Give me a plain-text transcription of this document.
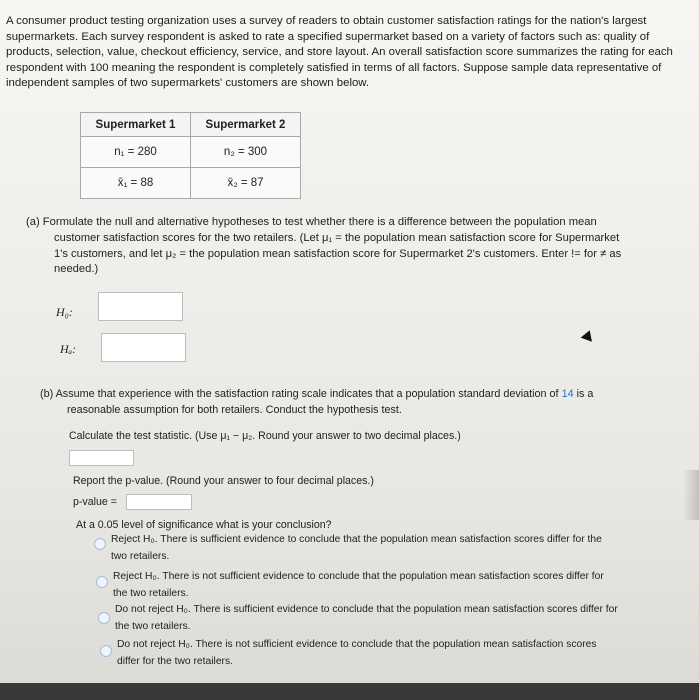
A consumer product testing organization uses a survey of readers to obtain customer satisfaction ratings for the nation's largest supermarkets. Each survey respondent is asked to rate a specified supermarket based on a variety of factors such as: quality of products, selection, value, checkout efficiency, service, and store layout. An overall satisfaction score summarizes the rating for each respondent with 100 meaning the respondent is completely satisfied in terms of all factors. Suppose sample data representative of independent samples of two supermarkets' customers are shown below.
Supermarket 1	Supermarket 2
n₁ = 280	n₂ = 300
x̄₁ = 88	x̄₂ = 87
(a) Formulate the null and alternative hypotheses to test whether there is a difference between the population mean
customer satisfaction scores for the two retailers. (Let μ₁ = the population mean satisfaction score for Supermarket
1's customers, and let μ₂ = the population mean satisfaction score for Supermarket 2's customers. Enter != for ≠ as
needed.)
H₀:
Hₐ:
(b) Assume that experience with the satisfaction rating scale indicates that a population standard deviation of 14 is a
reasonable assumption for both retailers. Conduct the hypothesis test.
Calculate the test statistic. (Use μ₁ − μ₂. Round your answer to two decimal places.)
Report the p-value. (Round your answer to four decimal places.)
p-value =
At a 0.05 level of significance what is your conclusion?
Reject H₀. There is sufficient evidence to conclude that the population mean satisfaction scores differ for the
two retailers.
Reject H₀. There is not sufficient evidence to conclude that the population mean satisfaction scores differ for
the two retailers.
Do not reject H₀. There is sufficient evidence to conclude that the population mean satisfaction scores differ for
the two retailers.
Do not reject H₀. There is not sufficient evidence to conclude that the population mean satisfaction scores
differ for the two retailers.
